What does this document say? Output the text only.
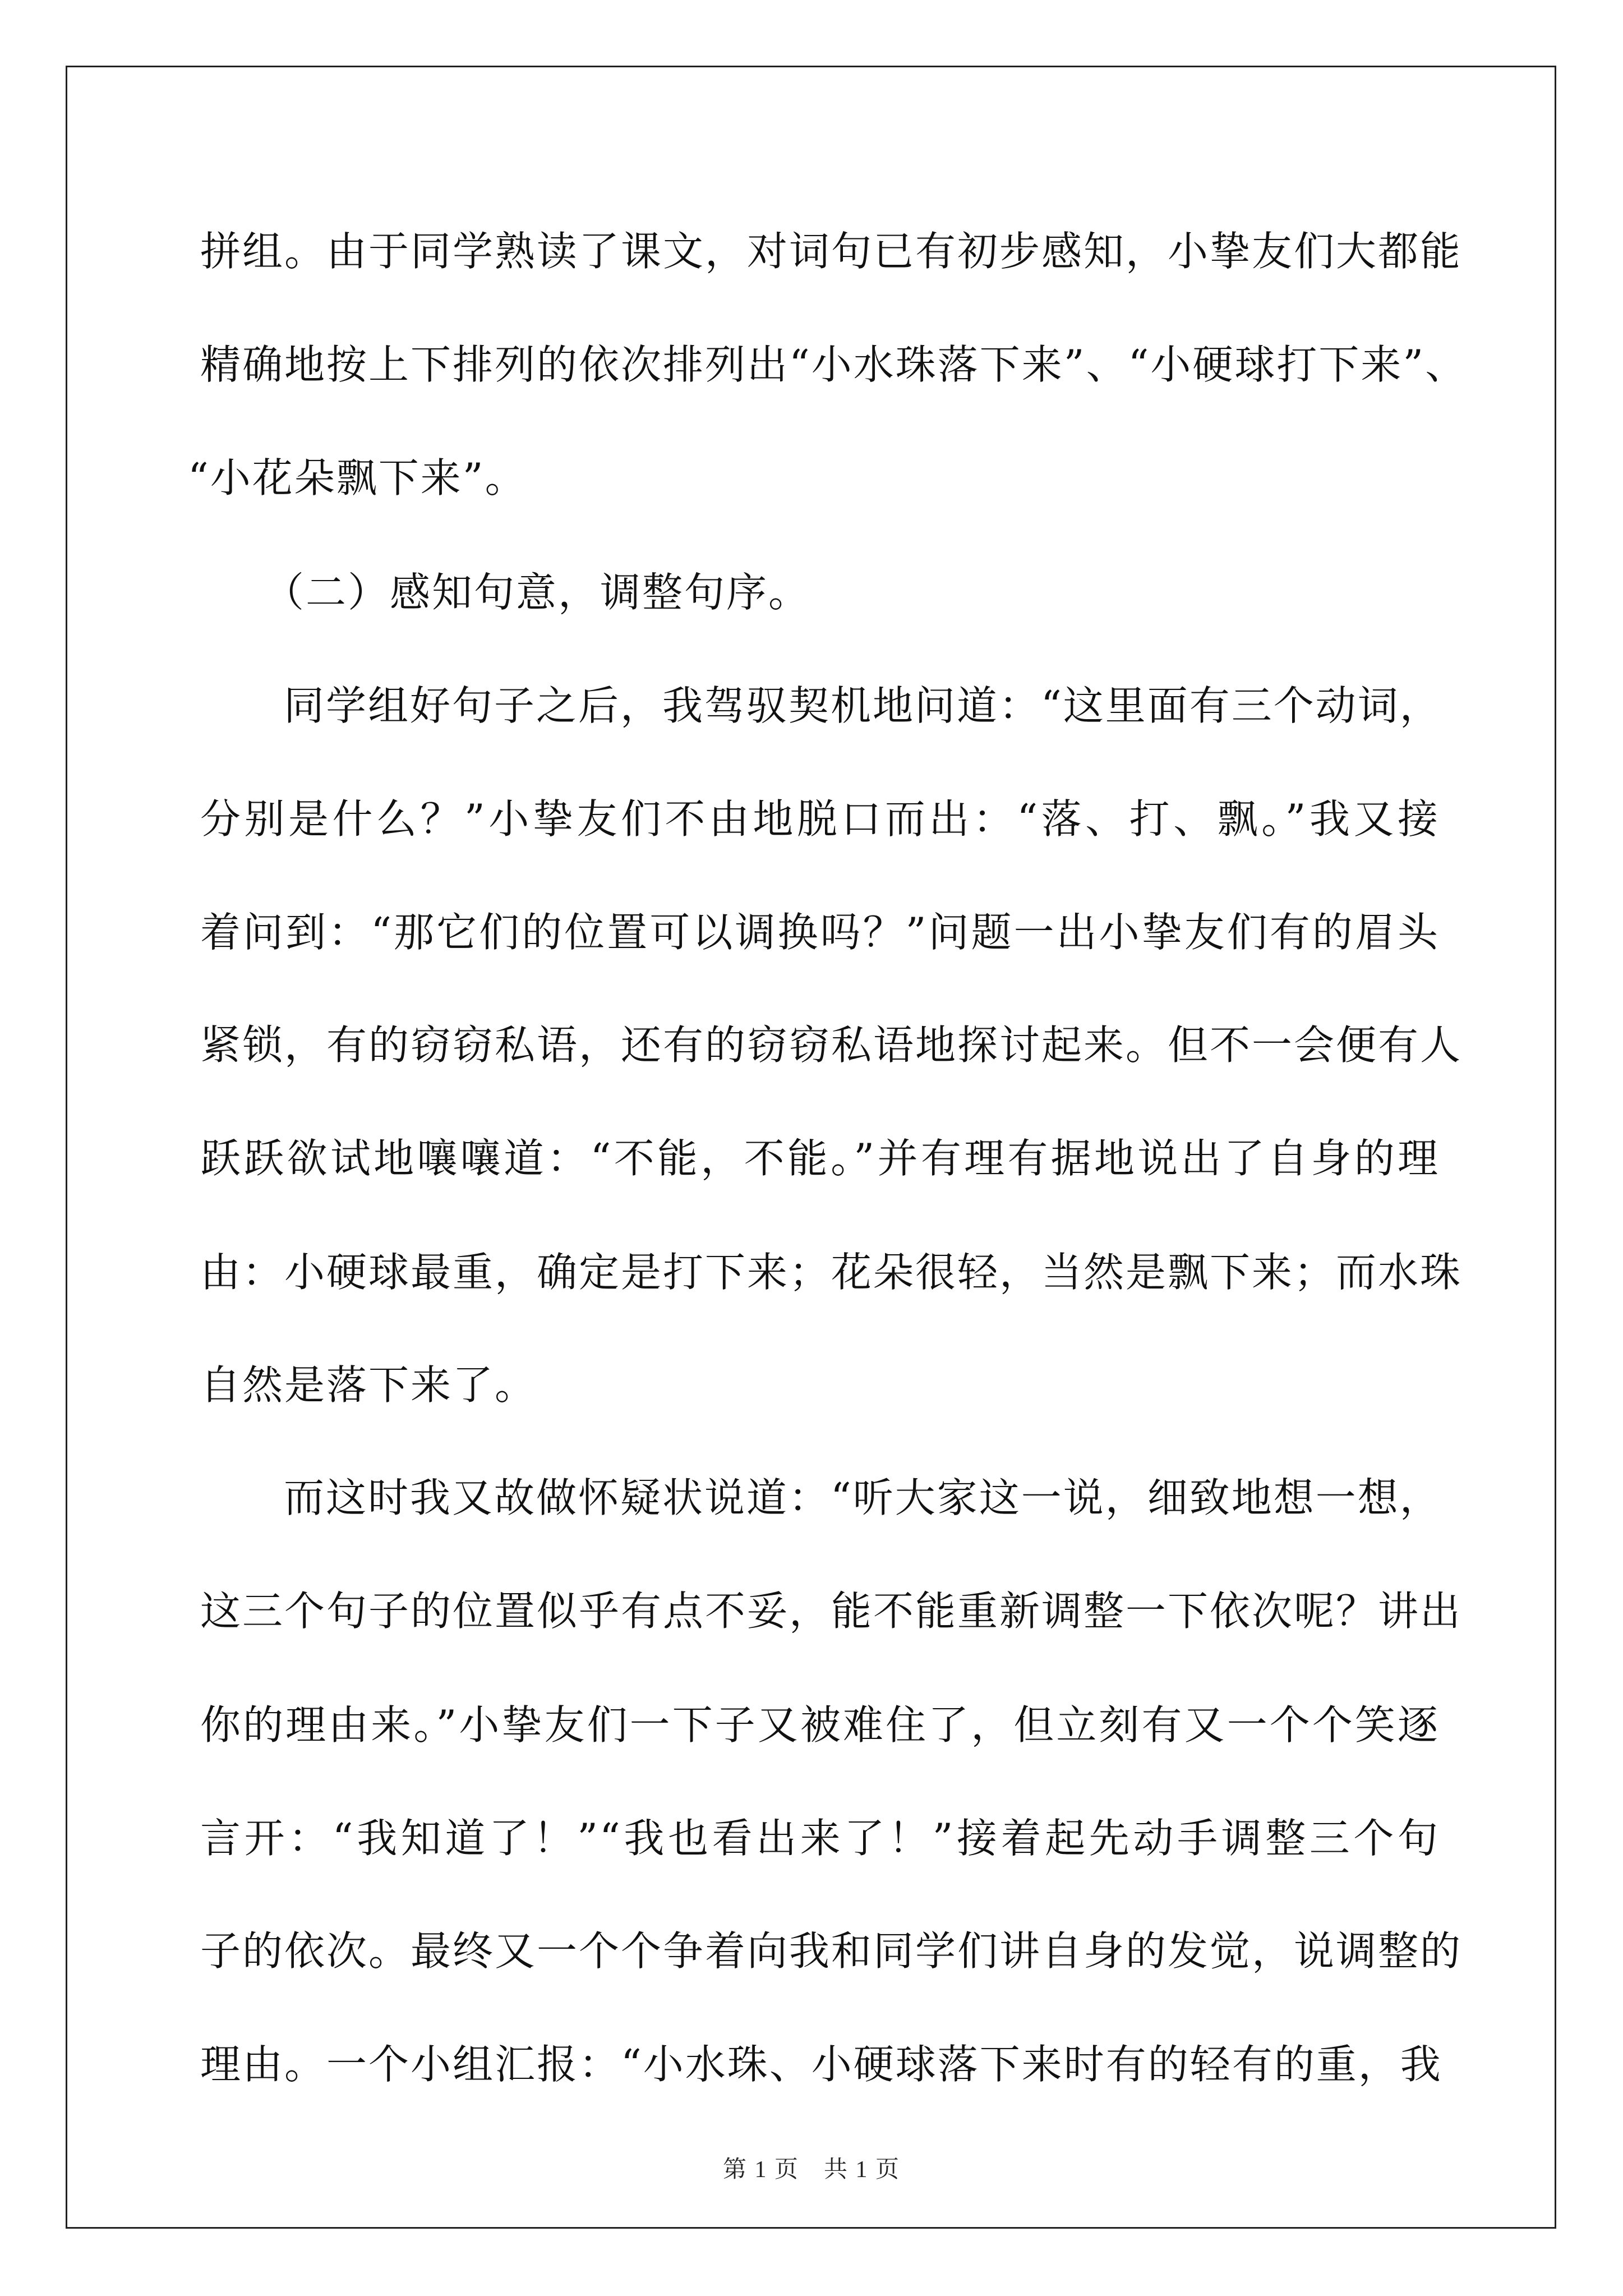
拼组。由于同学熟读了课文，对词句已有初步感知，小挚友们大都能
精确地按上下排列的依次排列出“小水珠落下来”、“小硬球打下来”、
“小花朵飘下来”。
（二）感知句意，调整句序。
同学组好句子之后，我驾驭契机地问道：“这里面有三个动词，
分别是什么？”小挚友们不由地脱口而出：“落、打、飘。”我又接
着问到：“那它们的位置可以调换吗？”问题一出小挚友们有的眉头
紧锁，有的窃窃私语，还有的窃窃私语地探讨起来。但不一会便有人
跃跃欲试地嚷嚷道：“不能，不能。”并有理有据地说出了自身的理
由：小硬球最重，确定是打下来；花朵很轻，当然是飘下来；而水珠
自然是落下来了。
而这时我又故做怀疑状说道：“听大家这一说，细致地想一想，
这三个句子的位置似乎有点不妥，能不能重新调整一下依次呢？讲出
你的理由来。”小挚友们一下子又被难住了，但立刻有又一个个笑逐
言开：“我知道了！”“我也看出来了！”接着起先动手调整三个句
子的依次。最终又一个个争着向我和同学们讲自身的发觉，说调整的
理由。一个小组汇报：“小水珠、小硬球落下来时有的轻有的重，我
第 1 页　共 1 页
